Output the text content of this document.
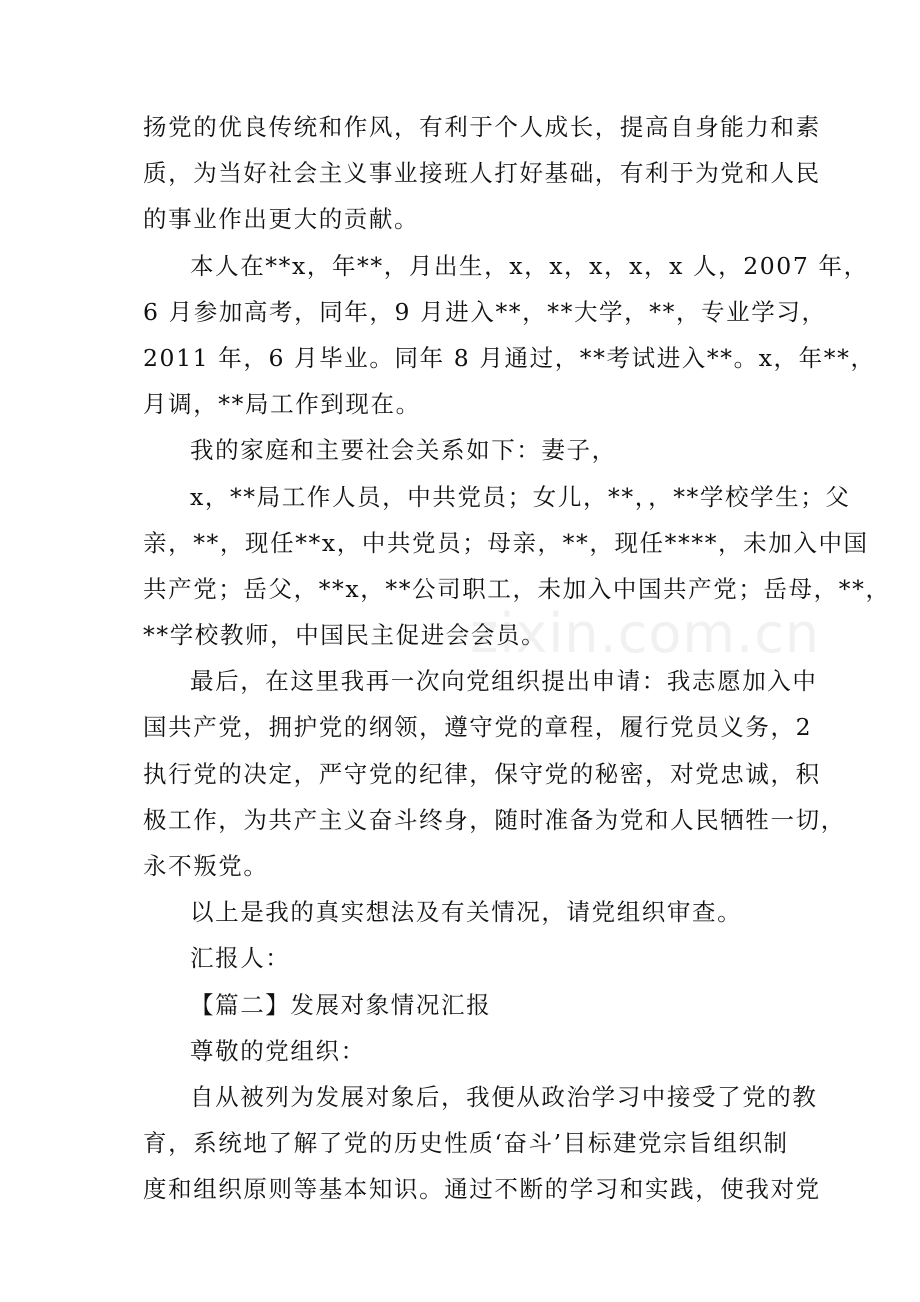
zixin.com.cn
扬党的优良传统和作风，有利于个人成长，提高自身能力和素
质，为当好社会主义事业接班人打好基础，有利于为党和人民
的事业作出更大的贡献。
本人在**x，年**，月出生，x，x，x，x，x 人，2007 年，
6 月参加高考，同年，9 月进入**，**大学，**，专业学习，
2011 年，6 月毕业。同年 8 月通过，**考试进入**。x，年**，
月调，**局工作到现在。
我的家庭和主要社会关系如下：妻子，
x，**局工作人员，中共党员；女儿，**，，**学校学生；父
亲，**，现任**x，中共党员；母亲，**，现任****，未加入中国
共产党；岳父，**x，**公司职工，未加入中国共产党；岳母，**，
**学校教师，中国民主促进会会员。
最后，在这里我再一次向党组织提出申请：我志愿加入中
国共产党，拥护党的纲领，遵守党的章程，履行党员义务，2
执行党的决定，严守党的纪律，保守党的秘密，对党忠诚，积
极工作，为共产主义奋斗终身，随时准备为党和人民牺牲一切，
永不叛党。
以上是我的真实想法及有关情况，请党组织审查。
汇报人：
【篇二】发展对象情况汇报
尊敬的党组织：
自从被列为发展对象后，我便从政治学习中接受了党的教
育，系统地了解了党的历史性质‘奋斗’目标建党宗旨组织制
度和组织原则等基本知识。通过不断的学习和实践，使我对党
